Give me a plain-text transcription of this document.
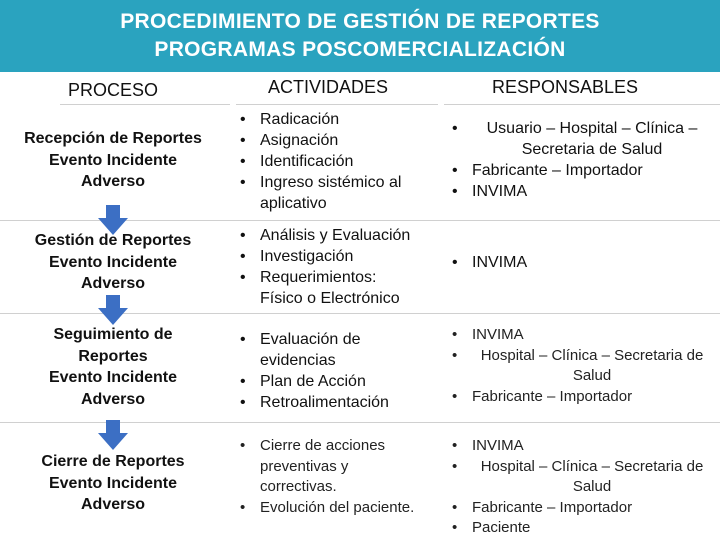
PROCEDIMIENTO DE GESTIÓN DE REPORTES
PROGRAMAS POSCOMERCIALIZACIÓN
PROCESO	ACTIVIDADES	RESPONSABLES
Recepción de Reportes
Evento Incidente
Adverso
• Radicación
• Asignación
• Identificación
• Ingreso sistémico al aplicativo
• Usuario – Hospital – Clínica – Secretaria de Salud
• Fabricante – Importador
• INVIMA
Gestión de Reportes
Evento Incidente
Adverso
• Análisis y Evaluación
• Investigación
• Requerimientos: Físico o Electrónico
• INVIMA
Seguimiento de
Reportes
Evento Incidente
Adverso
• Evaluación de evidencias
• Plan de Acción
• Retroalimentación
• INVIMA
• Hospital – Clínica – Secretaria de Salud
• Fabricante – Importador
Cierre de Reportes
Evento Incidente
Adverso
• Cierre de acciones preventivas y correctivas.
• Evolución del paciente.
• INVIMA
• Hospital – Clínica – Secretaria de Salud
• Fabricante – Importador
• Paciente
